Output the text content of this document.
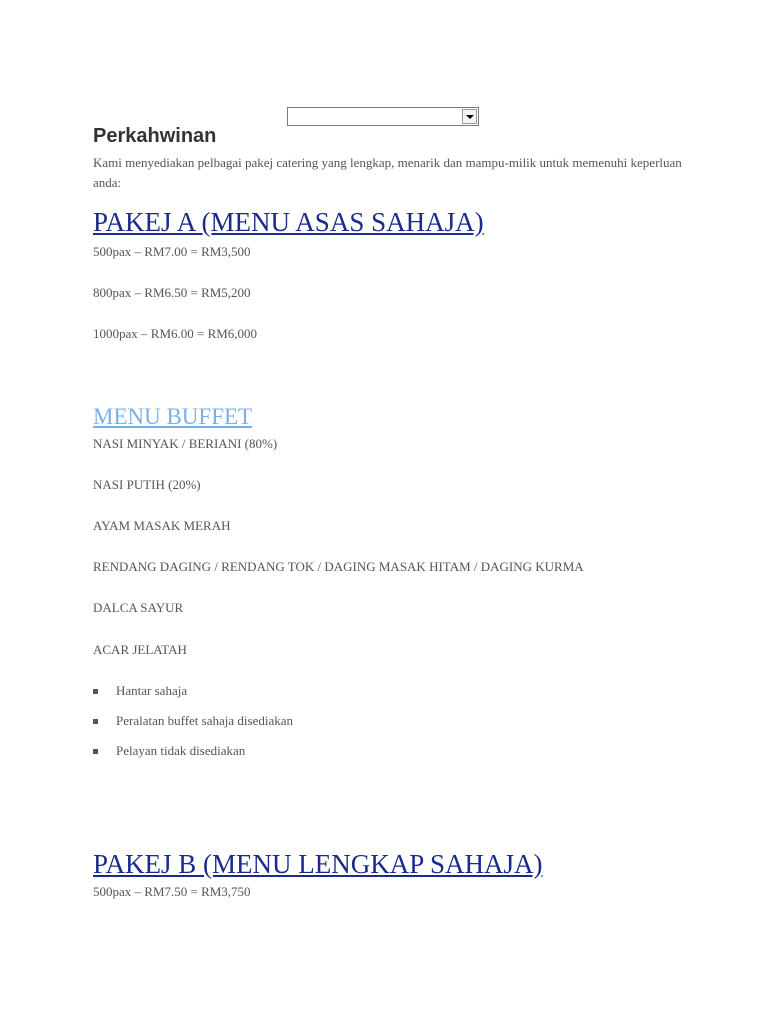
Perkahwinan
Kami menyediakan pelbagai pakej catering yang lengkap, menarik dan mampu-milik untuk memenuhi keperluan anda:
PAKEJ A (MENU ASAS SAHAJA)
500pax – RM7.00 = RM3,500
800pax – RM6.50 = RM5,200
1000pax – RM6.00 = RM6,000
MENU BUFFET
NASI MINYAK / BERIANI (80%)
NASI PUTIH (20%)
AYAM MASAK MERAH
RENDANG DAGING / RENDANG TOK / DAGING MASAK HITAM / DAGING KURMA
DALCA SAYUR
ACAR JELATAH
Hantar sahaja
Peralatan buffet sahaja disediakan
Pelayan tidak disediakan
PAKEJ B (MENU LENGKAP SAHAJA)
500pax – RM7.50 = RM3,750
